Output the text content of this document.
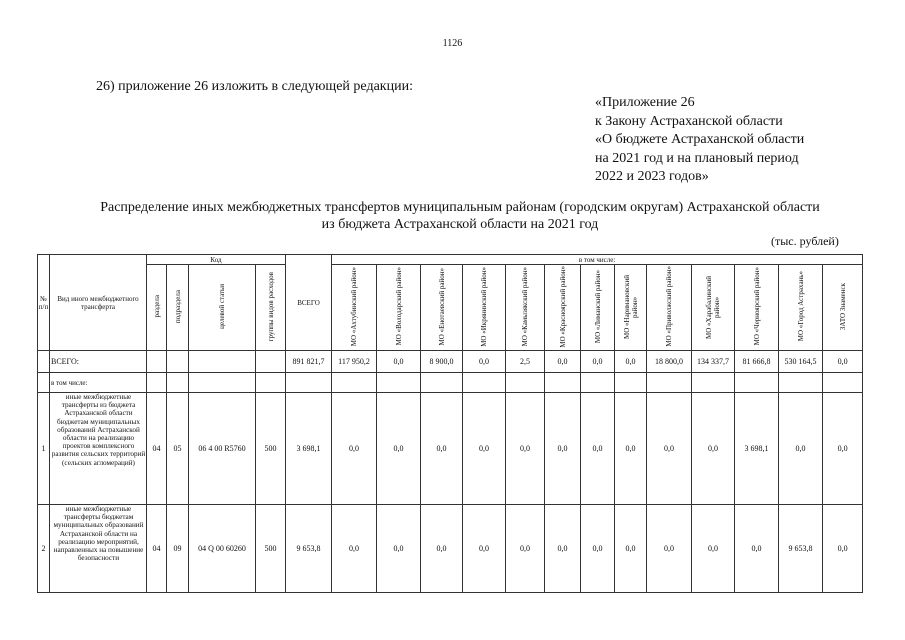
1126
26) приложение 26 изложить в следующей редакции:
«Приложение 26
к Закону Астраханской области
«О бюджете Астраханской области
на 2021 год и на плановый период
2022 и 2023 годов»
Распределение иных межбюджетных трансфертов муниципальным районам (городским округам) Астраханской области
из бюджета Астраханской области на 2021 год
(тыс. рублей)
№ п/п	Вид иного межбюджетного трансферта	Код				ВСЕГО	в том числе:												
		раздела	подраздела	целевой статьи	группы видов расходов		МО «Ахтубинский район»	МО «Володарский район»	МО «Енотаевский район»	МО «Икрянинский район»	МО «Камызякский район»	МО «Красноярский район»	МО «Лиманский район»	МО «Наримановский район»	МО «Приволжский район»	МО «Харабалинский район»	МО «Черноярский район»	МО «Город Астрахань»	ЗАТО Знаменск
	ВСЕГО:					891 821,7	117 950,2	0,0	8 900,0	0,0	2,5	0,0	0,0	0,0	18 800,0	134 337,7	81 666,8	530 164,5	0,0
	в том числе:																		
1	иные межбюджетные трансферты из бюджета Астраханской области бюджетам муниципальных образований Астраханской области на реализацию проектов комплексного развития сельских территорий (сельских агломераций)	04	05	06 4 00 R5760	500	3 698,1	0,0	0,0	0,0	0,0	0,0	0,0	0,0	0,0	0,0	0,0	3 698,1	0,0	0,0
2	иные межбюджетные трансферты бюджетам муниципальных образований Астраханской области на реализацию мероприятий, направленных на повышение безопасности	04	09	04 Q 00 60260	500	9 653,8	0,0	0,0	0,0	0,0	0,0	0,0	0,0	0,0	0,0	0,0	0,0	9 653,8	0,0
